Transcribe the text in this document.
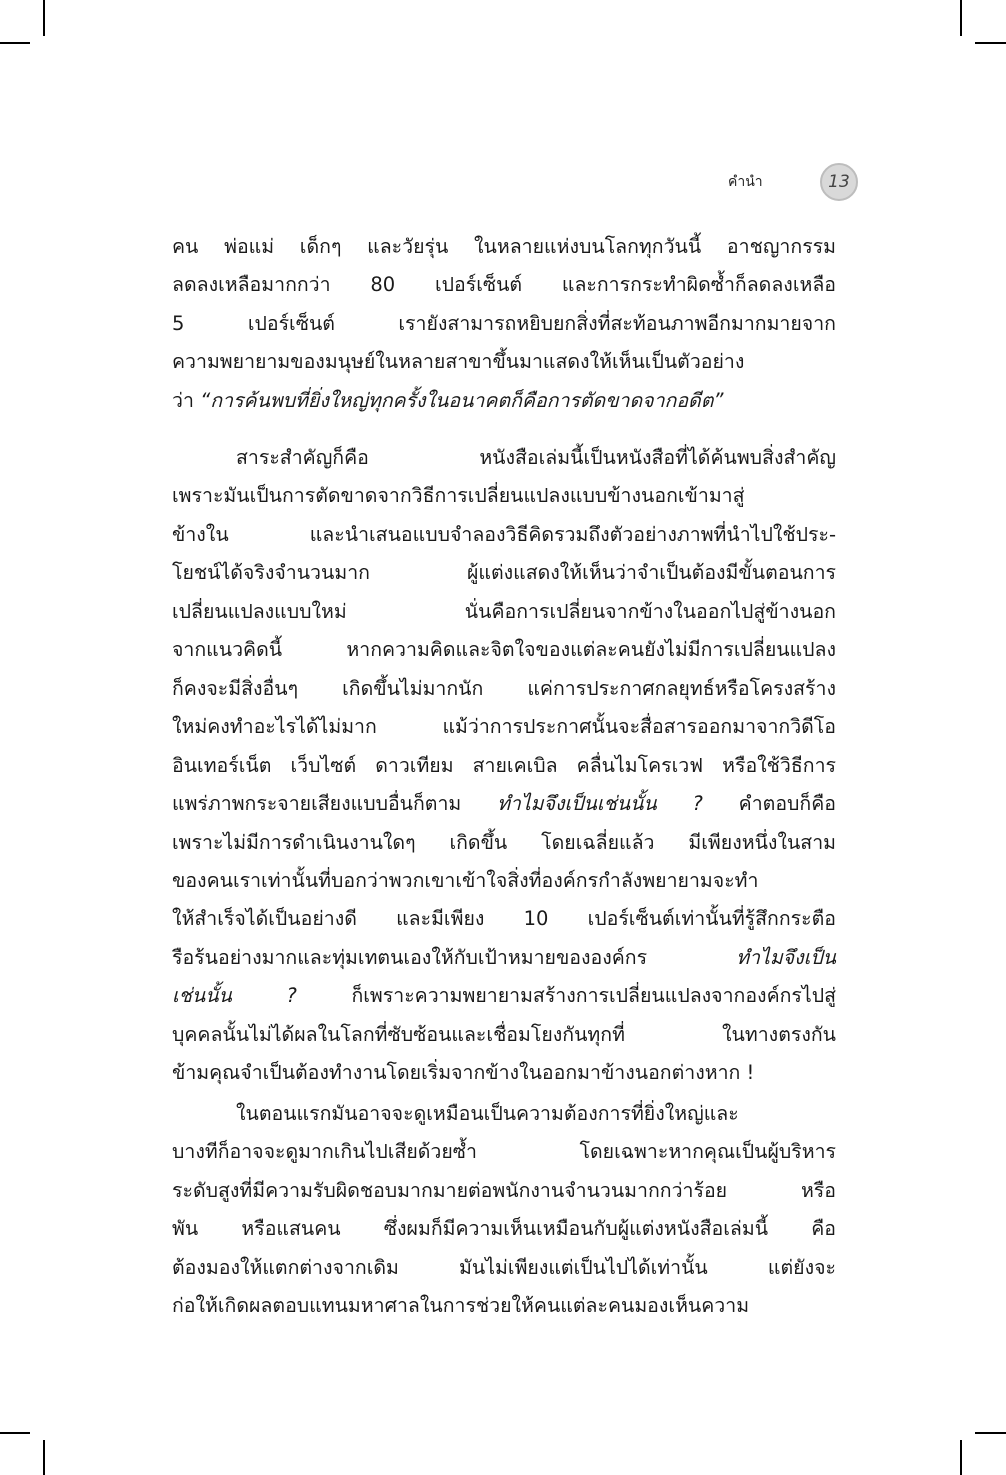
คำนำ	13
คน พ่อแม่ เด็กๆ และวัยรุ่น ในหลายแห่งบนโลกทุกวันนี้ อาชญากรรม
ลดลงเหลือมากกว่า 80 เปอร์เซ็นต์ และการกระทำผิดซ้ำก็ลดลงเหลือ
5 เปอร์เซ็นต์ เรายังสามารถหยิบยกสิ่งที่สะท้อนภาพอีกมากมายจาก
ความพยายามของมนุษย์ในหลายสาขาขึ้นมาแสดงให้เห็นเป็นตัวอย่าง
ว่า “การค้นพบที่ยิ่งใหญ่ทุกครั้งในอนาคตก็คือการตัดขาดจากอดีต”
สาระสำคัญก็คือ หนังสือเล่มนี้เป็นหนังสือที่ได้ค้นพบสิ่งสำคัญ
เพราะมันเป็นการตัดขาดจากวิธีการเปลี่ยนแปลงแบบข้างนอกเข้ามาสู่
ข้างใน และนำเสนอแบบจำลองวิธีคิดรวมถึงตัวอย่างภาพที่นำไปใช้ประ-
โยชน์ได้จริงจำนวนมาก ผู้แต่งแสดงให้เห็นว่าจำเป็นต้องมีขั้นตอนการ
เปลี่ยนแปลงแบบใหม่ นั่นคือการเปลี่ยนจากข้างในออกไปสู่ข้างนอก
จากแนวคิดนี้ หากความคิดและจิตใจของแต่ละคนยังไม่มีการเปลี่ยนแปลง
ก็คงจะมีสิ่งอื่นๆ เกิดขึ้นไม่มากนัก แค่การประกาศกลยุทธ์หรือโครงสร้าง
ใหม่คงทำอะไรได้ไม่มาก แม้ว่าการประกาศนั้นจะสื่อสารออกมาจากวิดีโอ
อินเทอร์เน็ต เว็บไซต์ ดาวเทียม สายเคเบิล คลื่นไมโครเวฟ หรือใช้วิธีการ
แพร่ภาพกระจายเสียงแบบอื่นก็ตาม ทำไมจึงเป็นเช่นนั้น ? คำตอบก็คือ
เพราะไม่มีการดำเนินงานใดๆ เกิดขึ้น โดยเฉลี่ยแล้ว มีเพียงหนึ่งในสาม
ของคนเราเท่านั้นที่บอกว่าพวกเขาเข้าใจสิ่งที่องค์กรกำลังพยายามจะทำ
ให้สำเร็จได้เป็นอย่างดี และมีเพียง 10 เปอร์เซ็นต์เท่านั้นที่รู้สึกกระตือ
รือร้นอย่างมากและทุ่มเทตนเองให้กับเป้าหมายขององค์กร ทำไมจึงเป็น
เช่นนั้น ? ก็เพราะความพยายามสร้างการเปลี่ยนแปลงจากองค์กรไปสู่
บุคคลนั้นไม่ได้ผลในโลกที่ซับซ้อนและเชื่อมโยงกันทุกที่ ในทางตรงกัน
ข้ามคุณจำเป็นต้องทำงานโดยเริ่มจากข้างในออกมาข้างนอกต่างหาก !
ในตอนแรกมันอาจจะดูเหมือนเป็นความต้องการที่ยิ่งใหญ่และ
บางทีก็อาจจะดูมากเกินไปเสียด้วยซ้ำ โดยเฉพาะหากคุณเป็นผู้บริหาร
ระดับสูงที่มีความรับผิดชอบมากมายต่อพนักงานจำนวนมากกว่าร้อย หรือ
พัน หรือแสนคน ซึ่งผมก็มีความเห็นเหมือนกับผู้แต่งหนังสือเล่มนี้ คือ
ต้องมองให้แตกต่างจากเดิม มันไม่เพียงแต่เป็นไปได้เท่านั้น แต่ยังจะ
ก่อให้เกิดผลตอบแทนมหาศาลในการช่วยให้คนแต่ละคนมองเห็นความ
